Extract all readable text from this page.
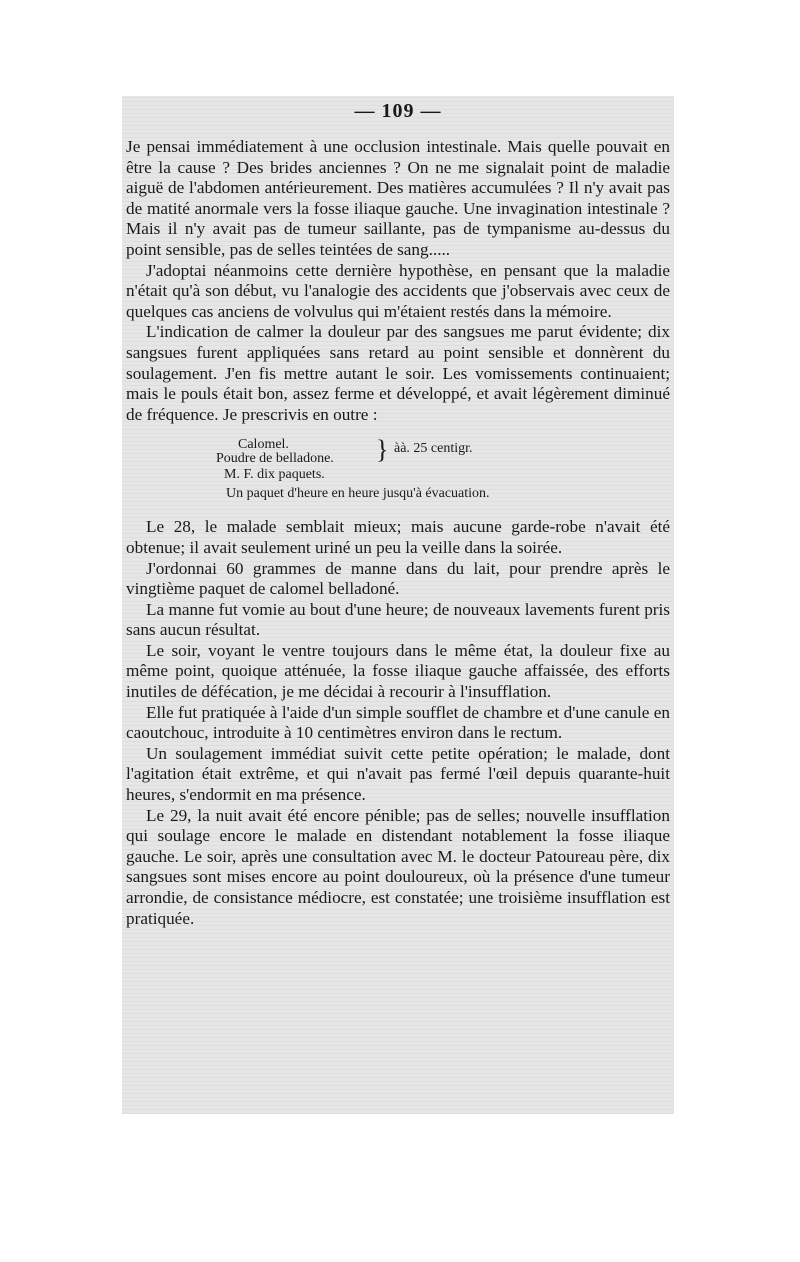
— 109 —

Je pensai immédiatement à une occlusion intestinale. Mais quelle pouvait en être la cause ? Des brides anciennes ? On ne me signalait point de maladie aiguë de l'abdomen antérieurement. Des matières accumulées ? Il n'y avait pas de matité anormale vers la fosse iliaque gauche. Une invagination intestinale ? Mais il n'y avait pas de tumeur saillante, pas de tympanisme au-dessus du point sensible, pas de selles teintées de sang.....

J'adoptai néanmoins cette dernière hypothèse, en pensant que la maladie n'était qu'à son début, vu l'analogie des accidents que j'observais avec ceux de quelques cas anciens de volvulus qui m'étaient restés dans la mémoire.

L'indication de calmer la douleur par des sangsues me parut évidente; dix sangsues furent appliquées sans retard au point sensible et donnèrent du soulagement. J'en fis mettre autant le soir. Les vomissements continuaient; mais le pouls était bon, assez ferme et développé, et avait légèrement diminué de fréquence. Je prescrivis en outre :

Calomel.
Poudre de belladone. } àà. 25 centigr.
M. F. dix paquets.
Un paquet d'heure en heure jusqu'à évacuation.

Le 28, le malade semblait mieux; mais aucune garde-robe n'avait été obtenue; il avait seulement uriné un peu la veille dans la soirée.

J'ordonnai 60 grammes de manne dans du lait, pour prendre après le vingtième paquet de calomel belladoné.

La manne fut vomie au bout d'une heure; de nouveaux lavements furent pris sans aucun résultat.

Le soir, voyant le ventre toujours dans le même état, la douleur fixe au même point, quoique atténuée, la fosse iliaque gauche affaissée, des efforts inutiles de défécation, je me décidai à recourir à l'insufflation.

Elle fut pratiquée à l'aide d'un simple soufflet de chambre et d'une canule en caoutchouc, introduite à 10 centimètres environ dans le rectum.

Un soulagement immédiat suivit cette petite opération; le malade, dont l'agitation était extrême, et qui n'avait pas fermé l'œil depuis quarante-huit heures, s'endormit en ma présence.

Le 29, la nuit avait été encore pénible; pas de selles; nouvelle insufflation qui soulage encore le malade en distendant notablement la fosse iliaque gauche. Le soir, après une consultation avec M. le docteur Patoureau père, dix sangsues sont mises encore au point douloureux, où la présence d'une tumeur arrondie, de consistance médiocre, est constatée; une troisième insufflation est pratiquée.
